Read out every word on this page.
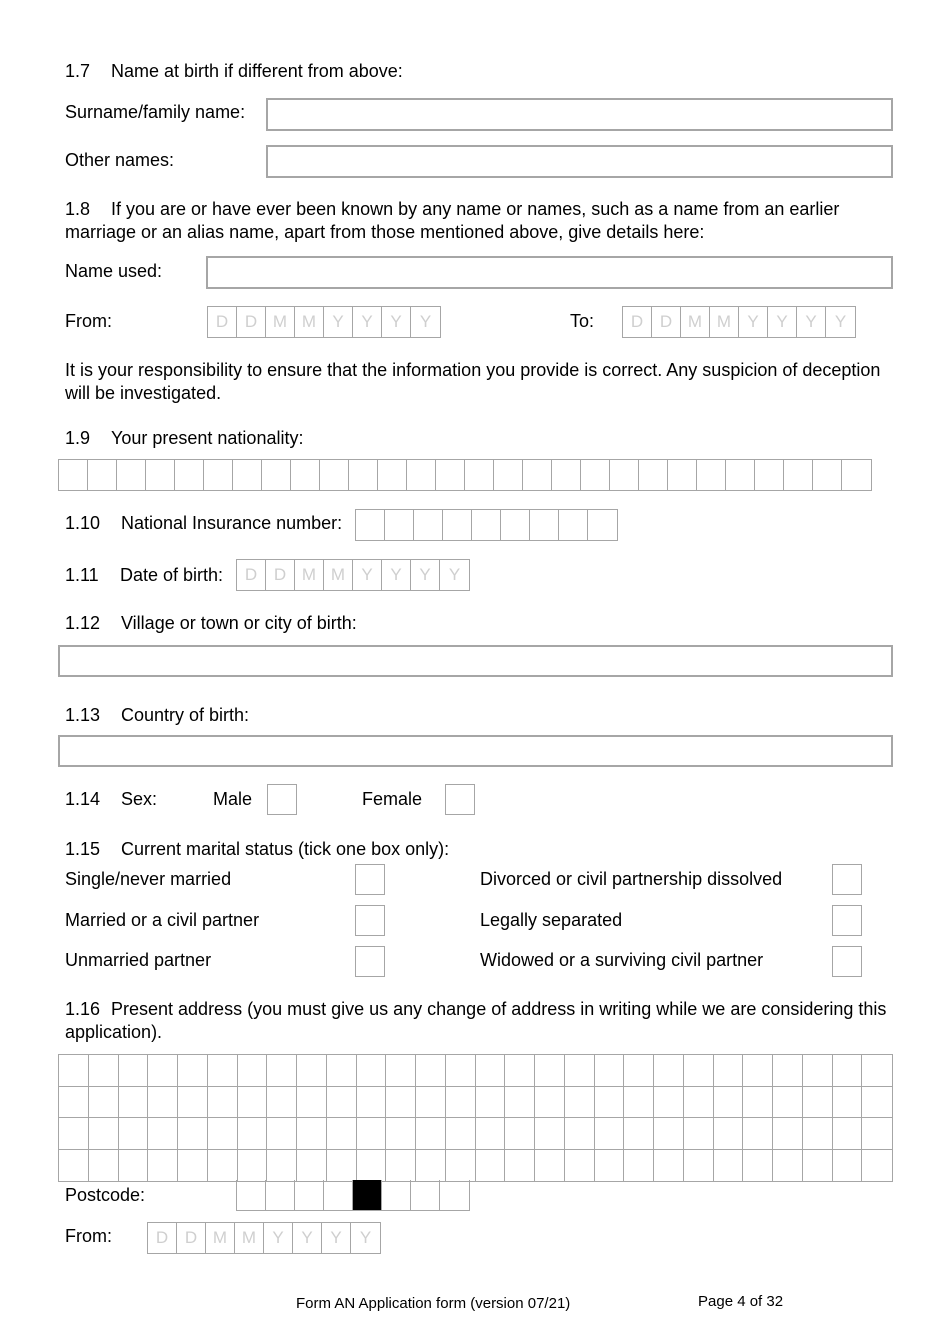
1.7 Name at birth if different from above:
Surname/family name:
Other names:
1.8 If you are or have ever been known by any name or names, such as a name from an earlier marriage or an alias name, apart from those mentioned above, give details here:
Name used:
From:	D D M M Y	Y	Y	Y	To:	D D M M Y	Y	Y	Y
It is your responsibility to ensure that the information you provide is correct. Any suspicion of deception will be investigated.
1.9 Your present nationality:
1.10 National Insurance number:
1.11 Date of birth:	D D M M Y	Y	Y	Y
1.12 Village or town or city of birth:
1.13 Country of birth:
1.14 Sex:	Male	Female
1.15 Current marital status (tick one box only):
Single/never married	Divorced or civil partnership dissolved
Married or a civil partner	Legally separated
Unmarried partner	Widowed or a surviving civil partner
1.16 Present address (you must give us any change of address in writing while we are considering this application).
Postcode:
From:	D D M M Y	Y	Y	Y
Form AN Application form (version 07/21)	Page 4 of 32
